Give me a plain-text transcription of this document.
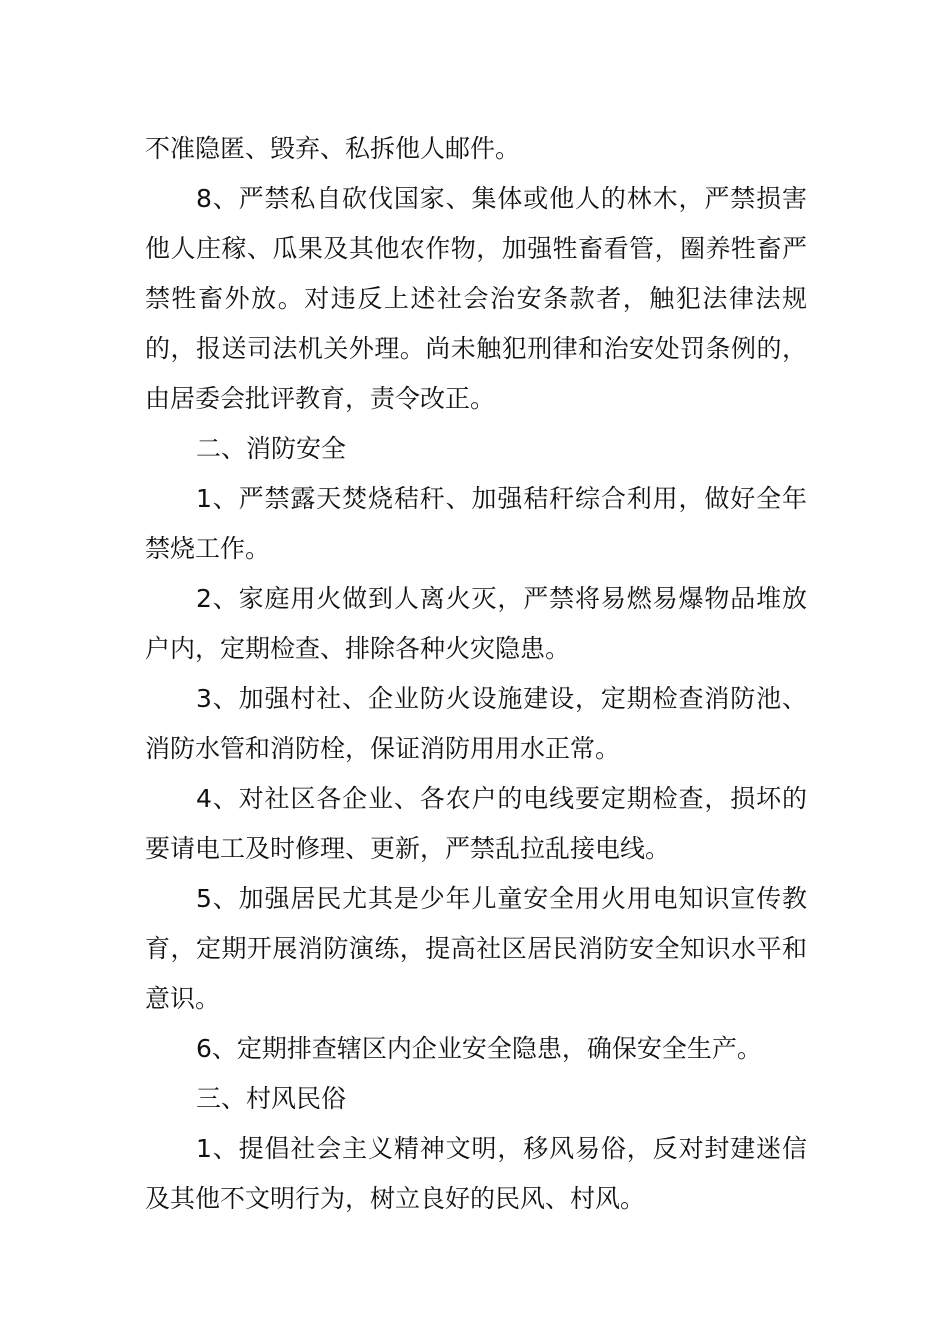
不准隐匿、毁弃、私拆他人邮件。

8、严禁私自砍伐国家、集体或他人的林木，严禁损害他人庄稼、瓜果及其他农作物，加强牲畜看管，圈养牲畜严禁牲畜外放。对违反上述社会治安条款者，触犯法律法规的，报送司法机关外理。尚未触犯刑律和治安处罚条例的，由居委会批评教育，责令改正。

二、消防安全

1、严禁露天焚烧秸秆、加强秸秆综合利用，做好全年禁烧工作。

2、家庭用火做到人离火灭，严禁将易燃易爆物品堆放户内，定期检查、排除各种火灾隐患。

3、加强村社、企业防火设施建设，定期检查消防池、消防水管和消防栓，保证消防用用水正常。

4、对社区各企业、各农户的电线要定期检查，损坏的要请电工及时修理、更新，严禁乱拉乱接电线。

5、加强居民尤其是少年儿童安全用火用电知识宣传教育，定期开展消防演练，提高社区居民消防安全知识水平和意识。

6、定期排查辖区内企业安全隐患，确保安全生产。

三、村风民俗

1、提倡社会主义精神文明，移风易俗，反对封建迷信及其他不文明行为，树立良好的民风、村风。
